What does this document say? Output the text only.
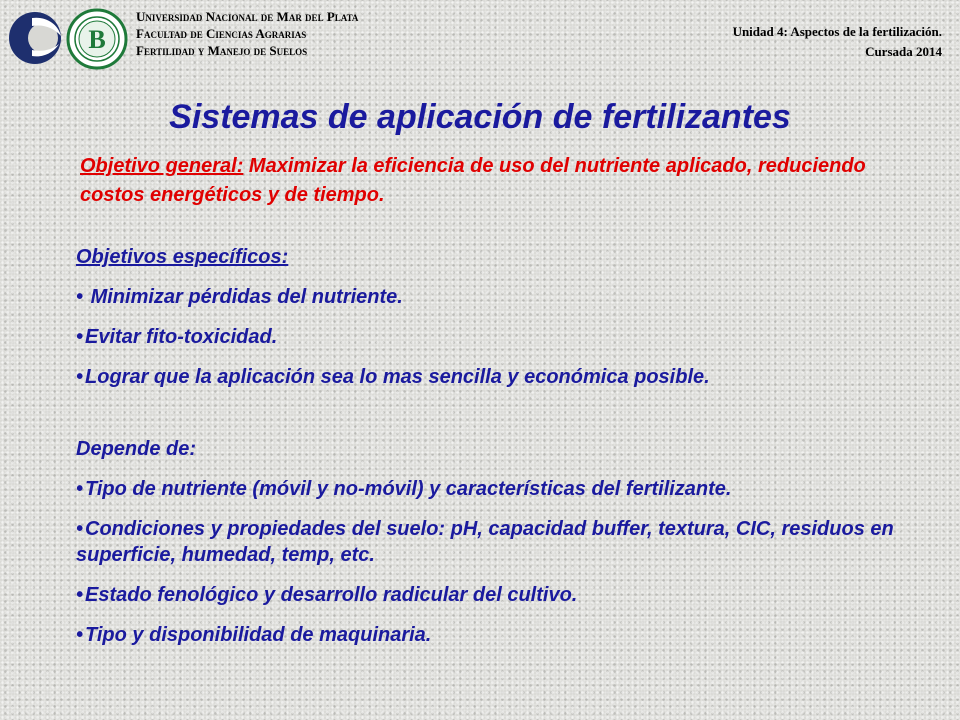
B
Universidad Nacional de Mar del Plata
Facultad de Ciencias Agrarias
Fertilidad y Manejo de Suelos
Unidad 4: Aspectos de la fertilización.
Cursada 2014
Sistemas de aplicación de fertilizantes
Objetivo general: Maximizar la eficiencia de uso del nutriente aplicado, reduciendo costos energéticos y de tiempo.
Objetivos específicos:
• Minimizar pérdidas del nutriente.
• Evitar fito-toxicidad.
• Lograr que la aplicación sea lo mas sencilla y económica posible.
Depende de:
• Tipo de nutriente (móvil y no-móvil) y características del fertilizante.
• Condiciones y propiedades del suelo: pH, capacidad buffer, textura, CIC, residuos en superficie, humedad, temp, etc.
• Estado fenológico y desarrollo radicular del cultivo.
• Tipo y disponibilidad de maquinaria.
